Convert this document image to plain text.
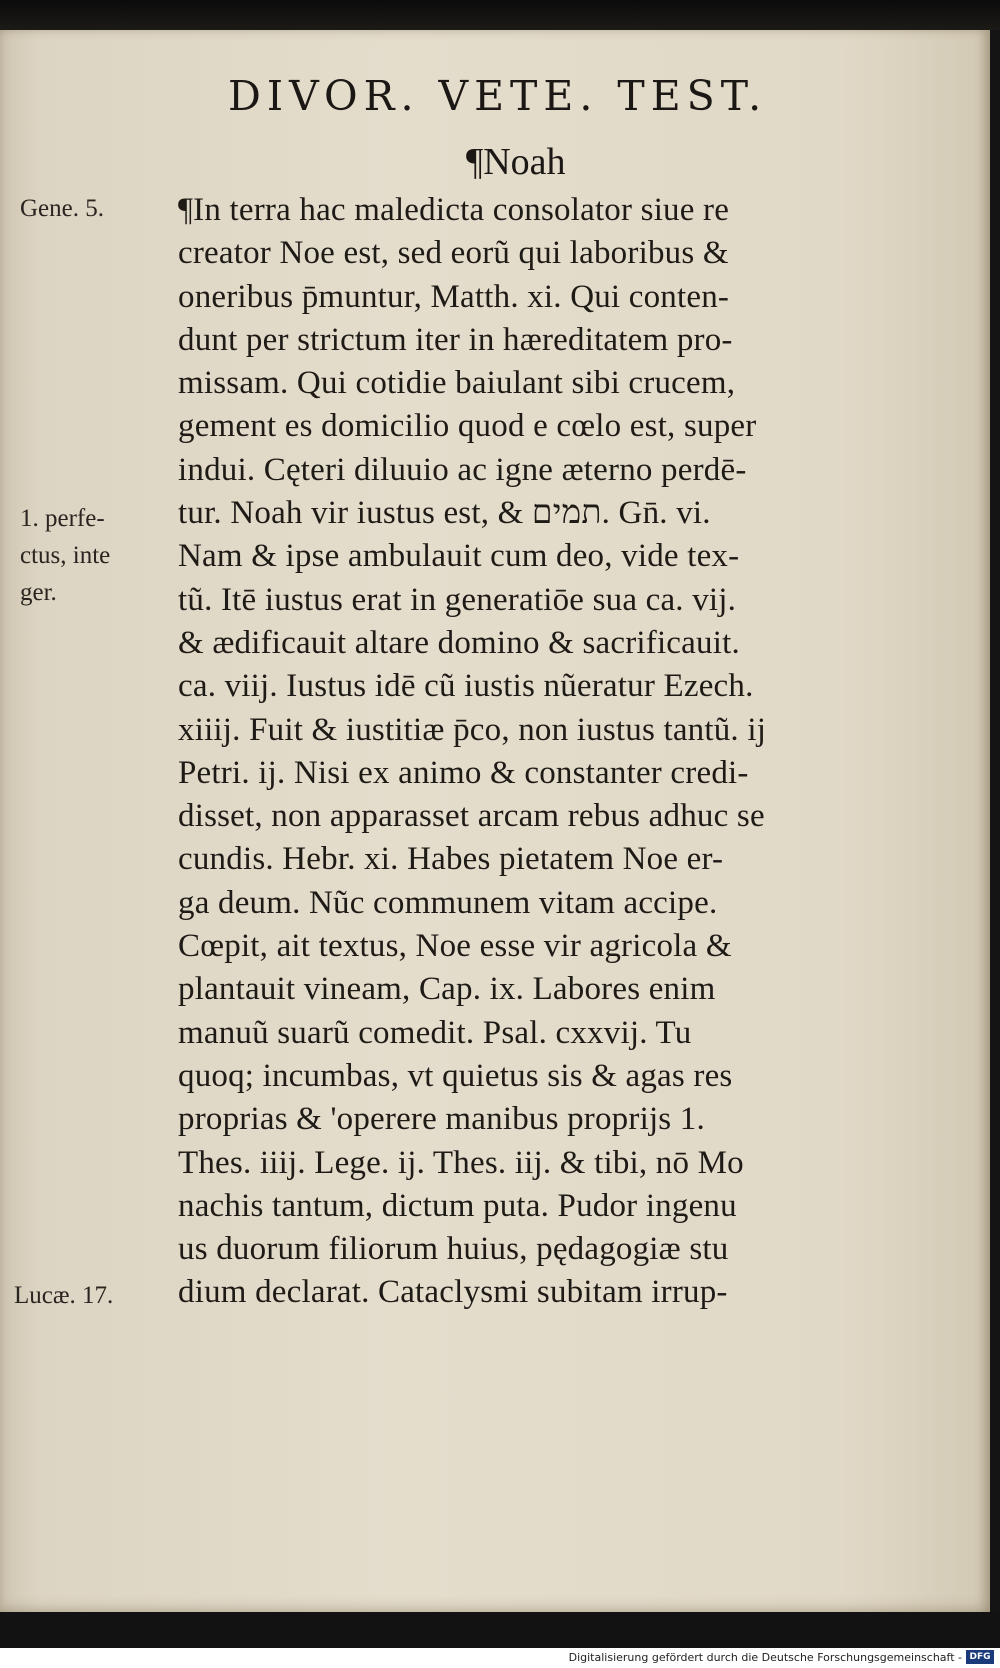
DIVOR. VETE. TEST.
¶Noah
Gene. 5.
1. perfe-
ctus, inte
ger.
Lucæ. 17.
¶In terra hac maledicta consolator siue re
creator Noe est, sed eorũ qui laboribus &
oneribus p̄muntur, Matth. xi. Qui conten-
dunt per strictum iter in hæreditatem pro-
missam. Qui cotidie baiulant sibi crucem,
gement es domicilio quod e cœlo est, super
indui. Cęteri diluuio ac igne æterno perdē-
tur. Noah vir iustus est, & תמים. Gn̄. vi.
Nam & ipse ambulauit cum deo, vide tex-
tũ. Itē iustus erat in generatiōe sua ca. vij.
& ædificauit altare domino & sacrificauit.
ca. viij. Iustus idē cũ iustis nũeratur Ezech.
xiiij. Fuit & iustitiæ p̄co, non iustus tantũ. ij
Petri. ij. Nisi ex animo & constanter credi-
disset, non apparasset arcam rebus adhuc se
cundis. Hebr. xi. Habes pietatem Noe er-
ga deum. Nũc communem vitam accipe.
Cœpit, ait textus, Noe esse vir agricola &
plantauit vineam, Cap. ix. Labores enim
manuũ suarũ comedit. Psal. cxxvij. Tu
quoq; incumbas, vt quietus sis & agas res
proprias & 'operere manibus proprijs 1.
Thes. iiij. Lege. ij. Thes. iij. & tibi, nō Mo
nachis tantum, dictum puta. Pudor ingenu
us duorum filiorum huius, pędagogiæ stu
dium declarat. Cataclysmi subitam irrup-
Digitalisierung gefördert durch die Deutsche Forschungsgemeinschaft - DFG
